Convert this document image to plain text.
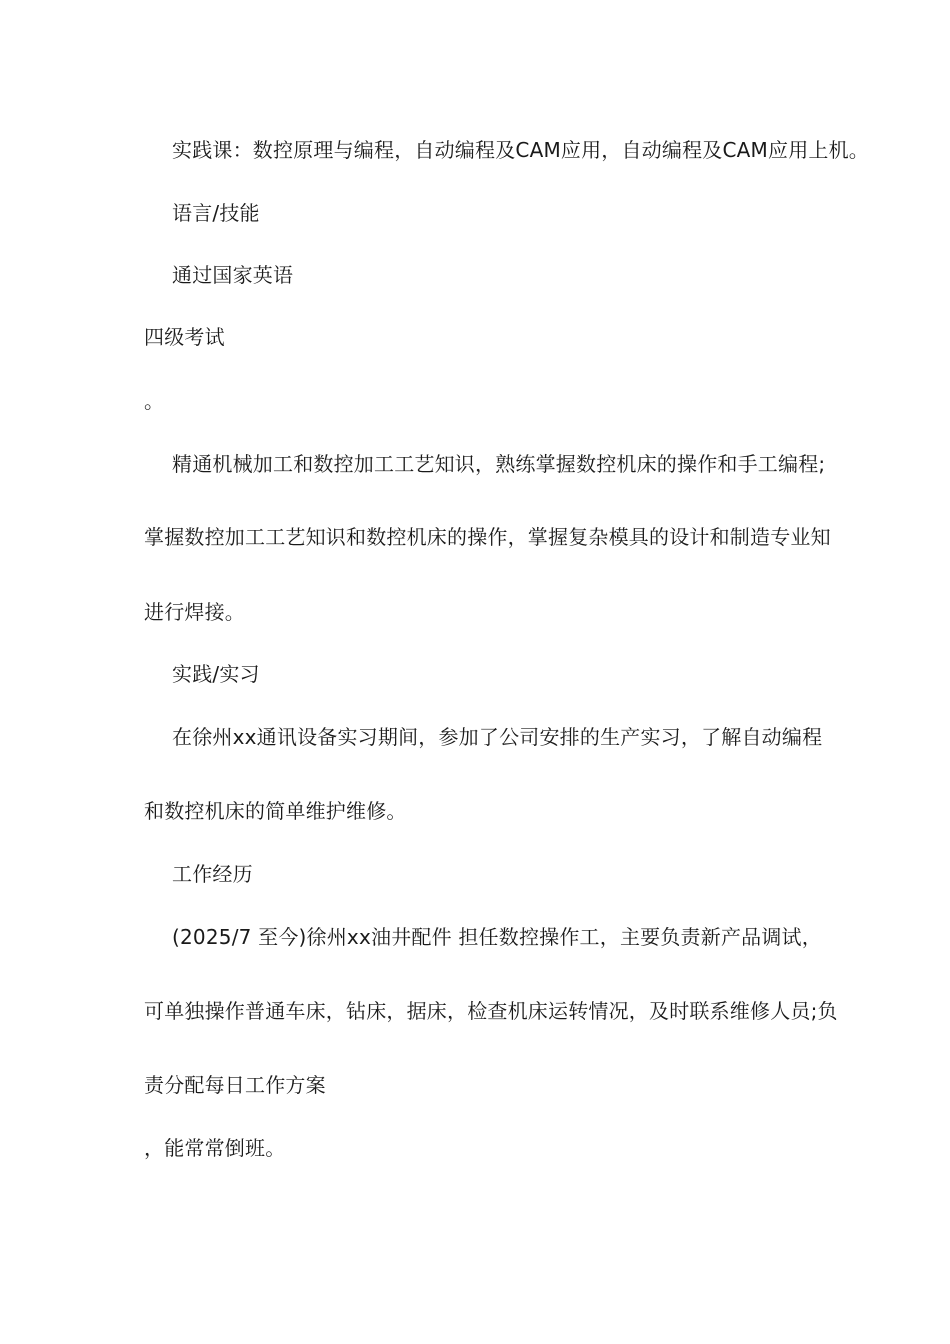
实践课：数控原理与编程，自动编程及CAM应用，自动编程及CAM应用上机。
语言/技能
通过国家英语
四级考试
。
精通机械加工和数控加工工艺知识，熟练掌握数控机床的操作和手工编程;
掌握数控加工工艺知识和数控机床的操作，掌握复杂模具的设计和制造专业知
进行焊接。
实践/实习
在徐州xx通讯设备实习期间，参加了公司安排的生产实习，了解自动编程
和数控机床的简单维护维修。
工作经历
(2025/7 至今)徐州xx油井配件 担任数控操作工，主要负责新产品调试，
可单独操作普通车床，钻床，据床，检查机床运转情况，及时联系维修人员;负
责分配每日工作方案
，能常常倒班。
